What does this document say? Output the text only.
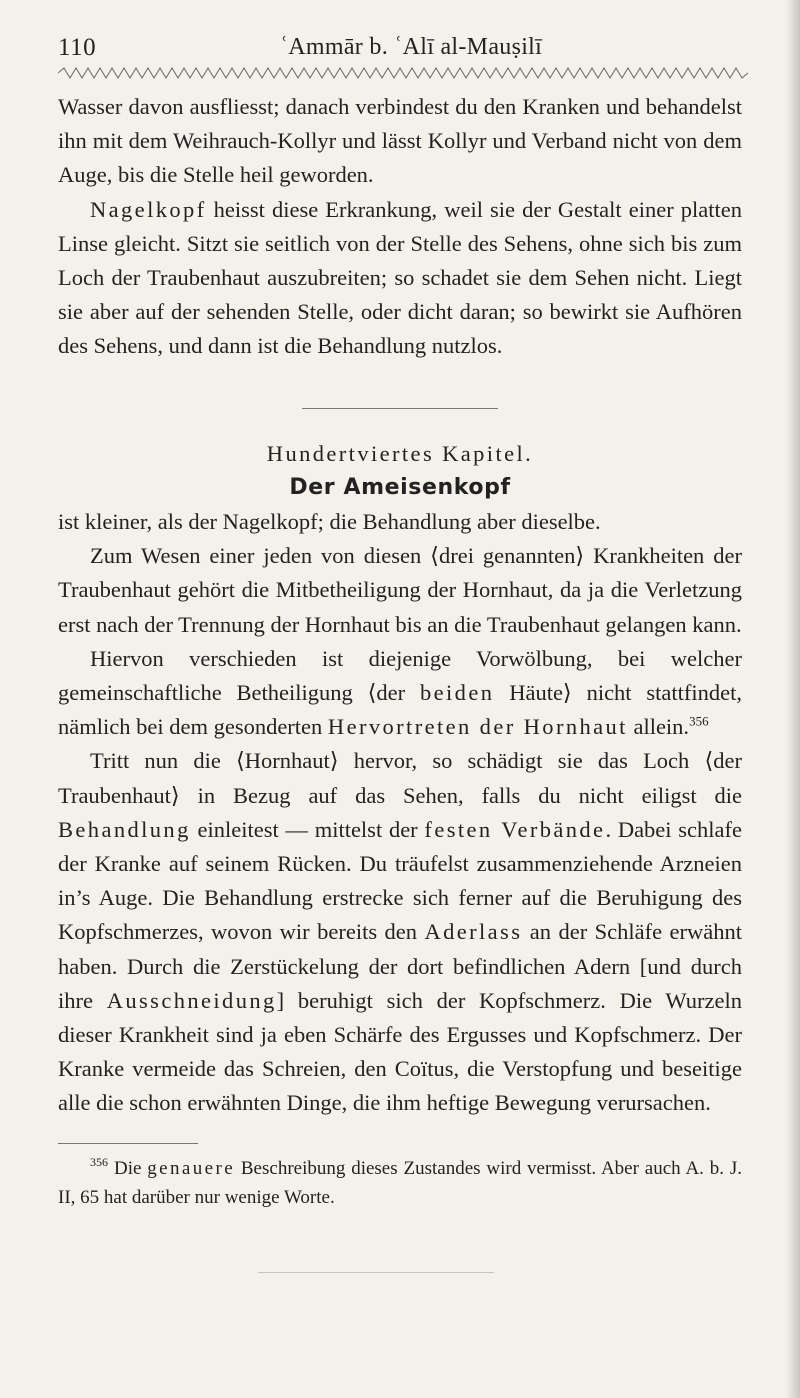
110	ʿAmmār b. ʿAlī al-Mauṣilī

Wasser davon ausfliesst; danach verbindest du den Kranken und behandelst ihn mit dem Weihrauch-Kollyr und lässt Kollyr und Verband nicht von dem Auge, bis die Stelle heil geworden.

Nagelkopf heisst diese Erkrankung, weil sie der Gestalt einer platten Linse gleicht. Sitzt sie seitlich von der Stelle des Sehens, ohne sich bis zum Loch der Traubenhaut auszubreiten; so schadet sie dem Sehen nicht. Liegt sie aber auf der sehenden Stelle, oder dicht daran; so bewirkt sie Aufhören des Sehens, und dann ist die Behandlung nutzlos.

Hundertviertes Kapitel.

Der Ameisenkopf

ist kleiner, als der Nagelkopf; die Behandlung aber dieselbe.

Zum Wesen einer jeden von diesen ⟨drei genannten⟩ Krankheiten der Traubenhaut gehört die Mitbetheiligung der Hornhaut, da ja die Verletzung erst nach der Trennung der Hornhaut bis an die Traubenhaut gelangen kann.

Hiervon verschieden ist diejenige Vorwölbung, bei welcher gemeinschaftliche Betheiligung ⟨der beiden Häute⟩ nicht stattfindet, nämlich bei dem gesonderten Hervortreten der Hornhaut allein.$^{356}$

Tritt nun die ⟨Hornhaut⟩ hervor, so schädigt sie das Loch ⟨der Traubenhaut⟩ in Bezug auf das Sehen, falls du nicht eiligst die Behandlung einleitest — mittelst der festen Verbände. Dabei schlafe der Kranke auf seinem Rücken. Du träufelst zusammenziehende Arzneien in’s Auge. Die Behandlung erstrecke sich ferner auf die Beruhigung des Kopfschmerzes, wovon wir bereits den Aderlass an der Schläfe erwähnt haben. Durch die Zerstückelung der dort befindlichen Adern [und durch ihre Ausschneidung] beruhigt sich der Kopfschmerz. Die Wurzeln dieser Krankheit sind ja eben Schärfe des Ergusses und Kopfschmerz. Der Kranke vermeide das Schreien, den Coïtus, die Verstopfung und beseitige alle die schon erwähnten Dinge, die ihm heftige Bewegung verursachen.

$^{356}$ Die genauere Beschreibung dieses Zustandes wird vermisst. Aber auch A. b. J. II, 65 hat darüber nur wenige Worte.
